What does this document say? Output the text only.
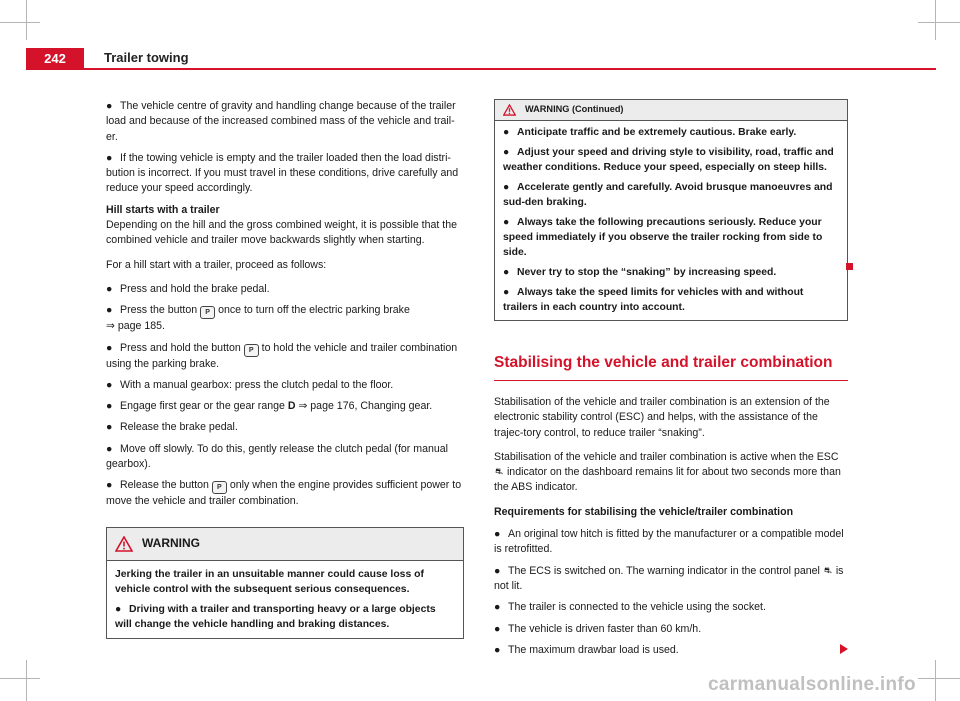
242	Trailer towing
● The vehicle centre of gravity and handling change because of the trailer load and because of the increased combined mass of the vehicle and trail-er.
● If the towing vehicle is empty and the trailer loaded then the load distri-bution is incorrect. If you must travel in these conditions, drive carefully and reduce your speed accordingly.
Hill starts with a trailer
Depending on the hill and the gross combined weight, it is possible that the combined vehicle and trailer move backwards slightly when starting.
For a hill start with a trailer, proceed as follows:
● Press and hold the brake pedal.
● Press the button P once to turn off the electric parking brake
⇒ page 185.
● Press and hold the button P to hold the vehicle and trailer combination using the parking brake.
● With a manual gearbox: press the clutch pedal to the floor.
● Engage first gear or the gear range D ⇒ page 176, Changing gear.
● Release the brake pedal.
● Move off slowly. To do this, gently release the clutch pedal (for manual gearbox).
● Release the button P only when the engine provides sufficient power to move the vehicle and trailer combination.
WARNING
Jerking the trailer in an unsuitable manner could cause loss of vehicle control with the subsequent serious consequences.
● Driving with a trailer and transporting heavy or a large objects will change the vehicle handling and braking distances.
WARNING (Continued)
● Anticipate traffic and be extremely cautious. Brake early.
● Adjust your speed and driving style to visibility, road, traffic and weather conditions. Reduce your speed, especially on steep hills.
● Accelerate gently and carefully. Avoid brusque manoeuvres and sud-den braking.
● Always take the following precautions seriously. Reduce your speed immediately if you observe the trailer rocking from side to side.
● Never try to stop the “snaking” by increasing speed.
● Always take the speed limits for vehicles with and without trailers in each country into account.
Stabilising the vehicle and trailer combination
Stabilisation of the vehicle and trailer combination is an extension of the electronic stability control (ESC) and helps, with the assistance of the trajec-tory control, to reduce trailer “snaking”.
Stabilisation of the vehicle and trailer combination is active when the ESC ⛐ indicator on the dashboard remains lit for about two seconds more than the ABS indicator.
Requirements for stabilising the vehicle/trailer combination
● An original tow hitch is fitted by the manufacturer or a compatible model is retrofitted.
● The ECS is switched on. The warning indicator in the control panel ⛐ is not lit.
● The trailer is connected to the vehicle using the socket.
● The vehicle is driven faster than 60 km/h.
● The maximum drawbar load is used.
carmanualsonline.info
